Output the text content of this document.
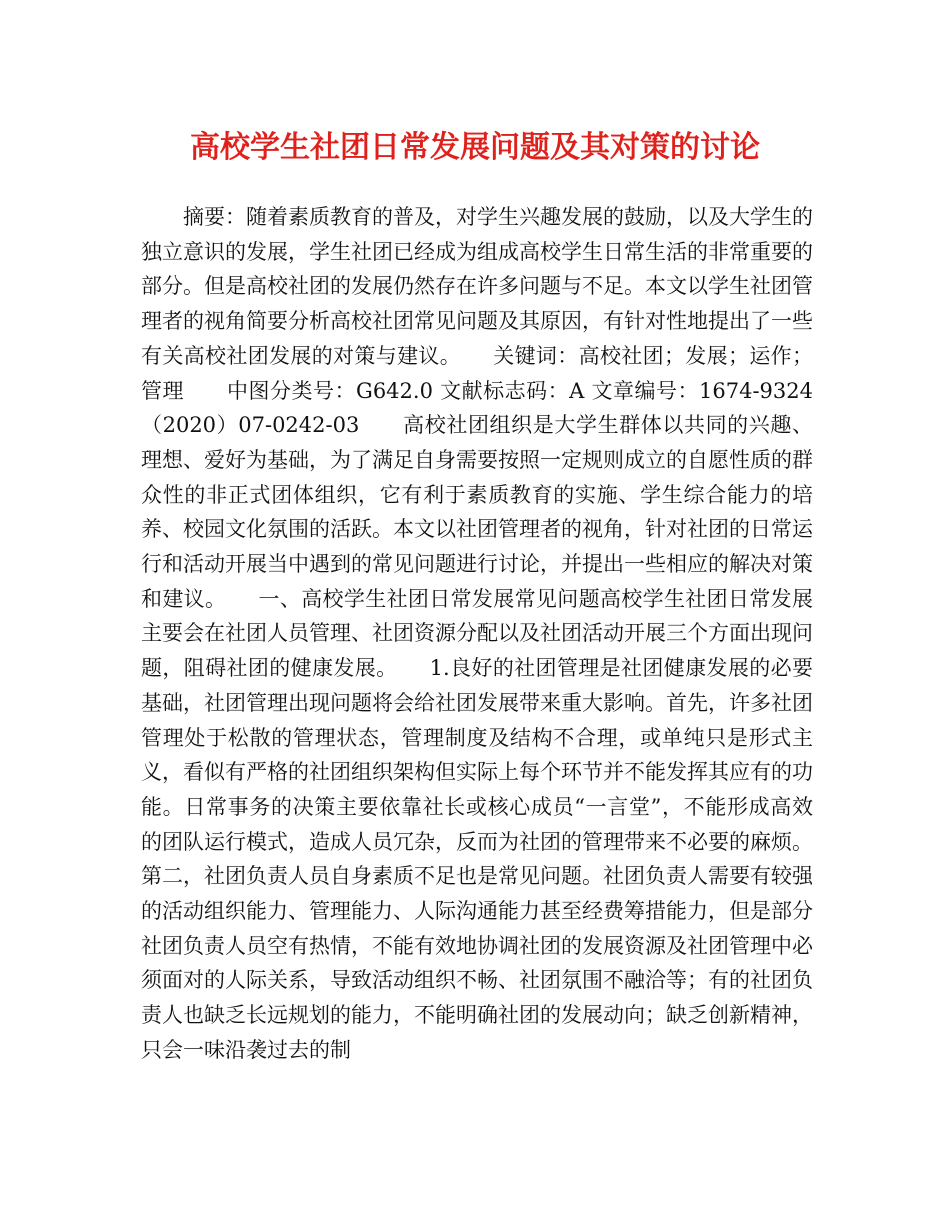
高校学生社团日常发展问题及其对策的讨论

摘要：随着素质教育的普及，对学生兴趣发展的鼓励，以及大学生的独立意识的发展，学生社团已经成为组成高校学生日常生活的非常重要的部分。但是高校社团的发展仍然存在许多问题与不足。本文以学生社团管理者的视角简要分析高校社团常见问题及其原因，有针对性地提出了一些有关高校社团发展的对策与建议。　　关键词：高校社团；发展；运作；管理　　中图分类号：G642.0 文献标志码：A 文章编号：1674-9324（2020）07-0242-03　　高校社团组织是大学生群体以共同的兴趣、理想、爱好为基础，为了满足自身需要按照一定规则成立的自愿性质的群众性的非正式团体组织，它有利于素质教育的实施、学生综合能力的培养、校园文化氛围的活跃。本文以社团管理者的视角，针对社团的日常运行和活动开展当中遇到的常见问题进行讨论，并提出一些相应的解决对策和建议。　　一、高校学生社团日常发展常见问题高校学生社团日常发展主要会在社团人员管理、社团资源分配以及社团活动开展三个方面出现问题，阻碍社团的健康发展。　　1.良好的社团管理是社团健康发展的必要基础，社团管理出现问题将会给社团发展带来重大影响。首先，许多社团管理处于松散的管理状态，管理制度及结构不合理，或单纯只是形式主义，看似有严格的社团组织架构但实际上每个环节并不能发挥其应有的功能。日常事务的决策主要依靠社长或核心成员“一言堂”，不能形成高效的团队运行模式，造成人员冗杂，反而为社团的管理带来不必要的麻烦。第二，社团负责人员自身素质不足也是常见问题。社团负责人需要有较强的活动组织能力、管理能力、人际沟通能力甚至经费筹措能力，但是部分社团负责人员空有热情，不能有效地协调社团的发展资源及社团管理中必须面对的人际关系，导致活动组织不畅、社团氛围不融洽等；有的社团负责人也缺乏长远规划的能力，不能明确社团的发展动向；缺乏创新精神，只会一味沿袭过去的制
